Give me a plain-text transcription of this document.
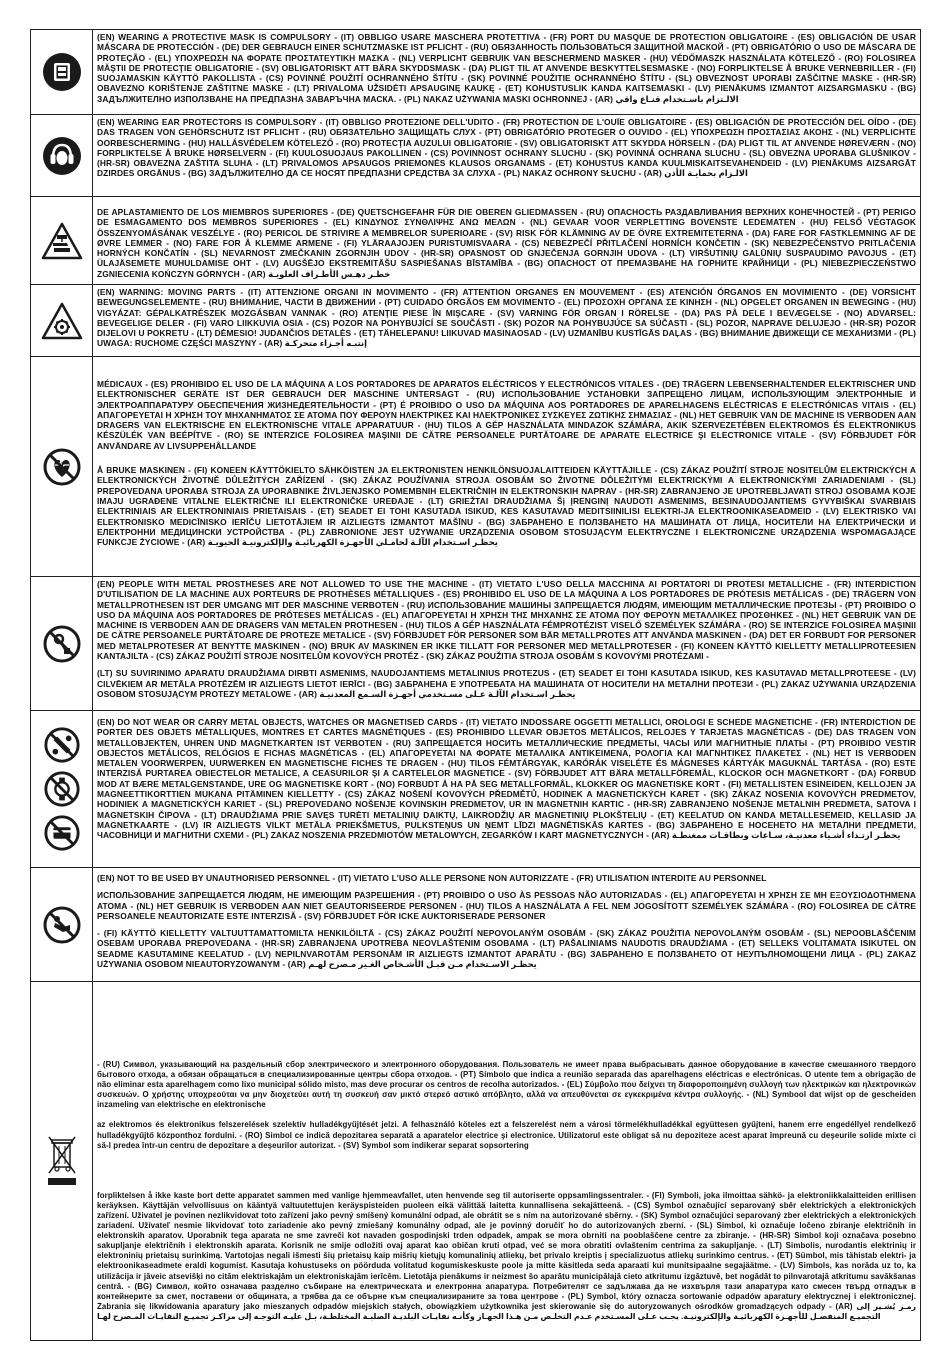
(EN) WEARING A PROTECTIVE MASK IS COMPULSORY - (IT) OBBLIGO USARE MASCHERA PROTETTIVA - (FR) PORT DU MASQUE DE PROTECTION OBLIGATOIRE - (ES) OBLIGACIÓN DE USAR MÁSCARA DE PROTECCIÓN - (DE) DER GEBRAUCH EINER SCHUTZMASKE IST PFLICHT - (RU) ОБЯЗАННОСТЬ ПОЛЬЗОВАТЬСЯ ЗАЩИТНОЙ МАСКОЙ - (PT) OBRIGATÓRIO O USO DE MÁSCARA DE PROTEÇÃO - (EL) ΥΠΟΧΡΕΩΣΗ ΝΑ ΦΟΡΑΤΕ ΠΡΟΣΤΑΤΕΥΤΙΚΗ ΜΑΣΚΑ - (NL) VERPLICHT GEBRUIK VAN BESCHERMEND MASKER - (HU) VÉDŐMASZK HASZNÁLATA KÖTELEZŐ - (RO) FOLOSIREA MĂŞTII DE PROTECŢIE OBLIGATORIE - (SV) OBLIGATORISKT ATT BÄRA SKYDDSMASK - (DA) PLIGT TIL AT ANVENDE BESKYTTELSESMASKE - (NO) FORPLIKTELSE Å BRUKE VERNEBRILLER - (FI) SUOJAMASKIN KÄYTTÖ PAKOLLISTA - (CS) POVINNÉ POUŽITÍ OCHRANNÉHO ŠTÍTU - (SK) POVINNÉ POUŽITIE OCHRANNÉHO ŠTÍTU - (SL) OBVEZNOST UPORABI ZAŠČITNE MASKE - (HR-SR) OBAVEZNO KORIŠTENJE ZAŠTITNE MASKE - (LT) PRIVALOMA UŽSIDĖTI APSAUGINĘ KAUKĘ - (ET) KOHUSTUSLIK KANDA KAITSEMASKI - (LV) PIENĀKUMS IZMANTOT AIZSARGMASKU - (BG) ЗАДЪЛЖИТЕЛНО ИЗПОЛЗВАНЕ НА ПРЕДПАЗНА ЗАВАРЪЧНА МАСКА. - (PL) NAKAZ UŻYWANIA MASKI OCHRONNEJ - (AR) الالـتزام باسـتخدام قنـاع واقي

(EN) WEARING EAR PROTECTORS IS COMPULSORY - (IT) OBBLIGO PROTEZIONE DELL'UDITO - (FR) PROTECTION DE L'OUÏE OBLIGATOIRE - (ES) OBLIGACIÓN DE PROTECCIÓN DEL OÍDO - (DE) DAS TRAGEN VON GEHÖRSCHUTZ IST PFLICHT - (RU) ОБЯЗАТЕЛЬНО ЗАЩИЩАТЬ СЛУХ - (PT) OBRIGATÓRIO PROTEGER O OUVIDO - (EL) ΥΠΟΧΡΕΩΣΗ ΠΡΟΣΤΑΣΙΑΣ ΑΚΟΗΣ - (NL) VERPLICHTE OORBESCHERMING - (HU) HALLÁSVÉDELEM KÖTELEZŐ - (RO) PROTECŢIA AUZULUI OBLIGATORIE - (SV) OBLIGATORISKT ATT SKYDDA HÖRSELN - (DA) PLIGT TIL AT ANVENDE HØREVÆRN - (NO) FORPLIKTELSE Å BRUKE HØRSELVERN - (FI) KUULOSUOJAUS PAKOLLINEN - (CS) POVINNOST OCHRANY SLUCHU - (SK) POVINNÁ OCHRANA SLUCHU - (SL) OBVEZNA UPORABA GLUŠNIKOV - (HR-SR) OBAVEZNA ZAŠTITA SLUHA - (LT) PRIVALOMOS APSAUGOS PRIEMONĖS KLAUSOS ORGANAMS - (ET) KOHUSTUS KANDA KUULMISKAITSEVAHENDEID - (LV) PIENĀKUMS AIZSARGĀT DZIRDES ORGĀNUS - (BG) ЗАДЪЛЖИТЕЛНО ДА СЕ НОСЯТ ПРЕДПАЗНИ СРЕДСТВА ЗА СЛУХА - (PL) NAKAZ OCHRONY SŁUCHU - (AR) الالـزام بحمايـة الأذن

DE APLASTAMIENTO DE LOS MIEMBROS SUPERIORES - (DE) QUETSCHGEFAHR FÜR DIE OBEREN GLIEDMASSEN - (RU) ОПАСНОСТЬ РАЗДАВЛИВАНИЯ ВЕРХНИХ КОНЕЧНОСТЕЙ - (PT) PERIGO DE ESMAGAMENTO DOS MEMBROS SUPERIORES - (EL) ΚΙΝΔΥΝΟΣ ΣΥΝΘΛΙΨΗΣ ΑΝΩ ΜΕΛΩΝ - (NL) GEVAAR VOOR VERPLETTING BOVENSTE LEDEMATEN - (HU) FELSŐ VÉGTAGOK ÖSSZENYOMÁSÁNAK VESZÉLYE - (RO) PERICOL DE STRIVIRE A MEMBRELOR SUPERIOARE - (SV) RISK FÖR KLÄMNING AV DE ÖVRE EXTREMITETERNA - (DA) FARE FOR FASTKLEMNING AF DE ØVRE LEMMER - (NO) FARE FOR Å KLEMME ARMENE - (FI) YLÄRAAJOJEN PURISTUMISVAARA - (CS) NEBEZPEČÍ PŘITLAČENÍ HORNÍCH KONČETIN - (SK) NEBEZPEČENSTVO PRITLAČENIA HORNÝCH KONČATÍN - (SL) NEVARNOST ZMEČKANIN ZGORNJIH UDOV - (HR-SR) OPASNOST OD GNJEČENJA GORNJIH UDOVA - (LT) VIRŠUTINIŲ GALŪNIŲ SUSPAUDIMO PAVOJUS - (ET) ÜLAJÄSEMETE MUHULDAMISE OHT - (LV) AUGŠĒJO EKSTREMITĀŠU SASPIEŠANAS BĪSTAMĪBA - (BG) ОПАСНОСТ ОТ ПРЕМАЗВАНЕ НА ГОРНИТЕ КРАЙНИЦИ - (PL) NIEBEZPIECZEŃSTWO ZGNIECENIA KOŃCZYN GÓRNYCH - (AR) خطـر دهـس الأطـراف العلويـة

(EN) WARNING: MOVING PARTS - (IT) ATTENZIONE ORGANI IN MOVIMENTO - (FR) ATTENTION ORGANES EN MOUVEMENT - (ES) ATENCIÓN ÓRGANOS EN MOVIMIENTO - (DE) VORSICHT BEWEGUNGSELEMENTE - (RU) ВНИМАНИЕ, ЧАСТИ В ДВИЖЕНИИ - (PT) CUIDADO ÓRGÃOS EM MOVIMENTO - (EL) ΠΡΟΣΟΧΗ ΟΡΓΑΝΑ ΣΕ ΚΙΝΗΣΗ - (NL) OPGELET ORGANEN IN BEWEGING - (HU) VIGYÁZAT: GÉPALKATRÉSZEK MOZGÁSBAN VANNAK - (RO) ATENŢIE PIESE ÎN MIŞCARE - (SV) VARNING FÖR ORGAN I RÖRELSE - (DA) PAS PÅ DELE I BEVÆGELSE - (NO) ADVARSEL: BEVEGELIGE DELER - (FI) VARO LIIKKUVIA OSIA - (CS) POZOR NA POHYBUJÍCÍ SE SOUČÁSTI - (SK) POZOR NA POHYBUJÚCE SA SÚČASTI - (SL) POZOR, NAPRAVE DELUJEJO - (HR-SR) POZOR DIJELOVI U POKRETU - (LT) DĖMESIO! JUDANČIOS DETALĖS - (ET) TÄHELEPANU! LIIKUVAD MASINAOSAD - (LV) UZMANĪBU KUSTĪGĀS DAĻAS - (BG) ВНИМАНИЕ ДВИЖЕЩИ СЕ МЕХАНИЗМИ - (PL) UWAGA: RUCHOME CZĘŚCI MASZYNY - (AR) إنتبـه أجـزاء متحركـة

MÉDICAUX - (ES) PROHIBIDO EL USO DE LA MÁQUINA A LOS PORTADORES DE APARATOS ELÉCTRICOS Y ELECTRÓNICOS VITALES - (DE) TRÄGERN LEBENSERHALTENDER ELEKTRISCHER UND ELEKTRONISCHER GERÄTE IST DER GEBRAUCH DER MASCHINE UNTERSAGT - (RU) ИСПОЛЬЗОВАНИЕ УСТАНОВКИ ЗАПРЕЩЕНО ЛИЦАМ, ИСПОЛЬЗУЮЩИМ ЭЛЕКТРОННЫЕ И ЭЛЕКТРОАППАРАТУРУ ОБЕСПЕЧЕНИЯ ЖИЗНЕДЕЯТЕЛЬНОСТИ - (PT) É PROIBIDO O USO DA MÁQUINA AOS PORTADORES DE APARELHAGENS ELÉCTRICAS E ELECTRÓNICAS VITAIS - (EL) ΑΠΑΓΟΡΕΥΕΤΑΙ Η ΧΡΗΣΗ ΤΟΥ ΜΗΧΑΝΗΜΑΤΟΣ ΣΕ ΑΤΟΜΑ ΠΟΥ ΦΕΡΟΥΝ ΗΛΕΚΤΡΙΚΕΣ ΚΑΙ ΗΛΕΚΤΡΟΝΙΚΕΣ ΣΥΣΚΕΥΕΣ ΖΩΤΙΚΗΣ ΣΗΜΑΣΙΑΣ - (NL) HET GEBRUIK VAN DE MACHINE IS VERBODEN AAN DRAGERS VAN ELEKTRISCHE EN ELEKTRONISCHE VITALE APPARATUUR - (HU) TILOS A GÉP HASZNÁLATA MINDAZOK SZÁMÁRA, AKIK SZERVEZETÉBEN ELEKTROMOS ÉS ELEKTRONIKUS KÉSZÜLÉK VAN BEÉPÍTVE - (RO) SE INTERZICE FOLOSIREA MAŞINII DE CĂTRE PERSOANELE PURTĂTOARE DE APARATE ELECTRICE ŞI ELECTRONICE VITALE - (SV) FÖRBJUDET FÖR ANVÄNDARE AV LIVSUPPEHÅLLANDE

Å BRUKE MASKINEN - (FI) KONEEN KÄYTTÖKIELTO SÄHKÖISTEN JA ELEKTRONISTEN HENKILÖNSUOJALAITTEIDEN KÄYTTÄJILLE - (CS) ZÁKAZ POUŽITÍ STROJE NOSITELŮM ELEKTRICKÝCH A ELEKTRONICKÝCH ŽIVOTNĚ DŮLEŽITÝCH ZAŘÍZENÍ - (SK) ZÁKAZ POUŽÍVANIA STROJA OSOBÁM SO ŽIVOTNE DÔLEŽITÝMI ELEKTRICKÝMI A ELEKTRONICKÝMI ZARIADENIAMI - (SL) PREPOVEDANA UPORABA STROJA ZA UPORABNIKE ŽIVLJENJSKO POMEMBNIH ELEKTRIČNIH IN ELEKTRONSKIH NAPRAV - (HR-SR) ZABRANJENO JE UPOTREBLJAVATI STROJ OSOBAMA KOJE IMAJU UGRAĐENE VITALNE ELEKTRIČNE ILI ELEKTRONIČKE UREĐAJE - (LT) GRIEŽTAI DRAUDŽIAMA Šį ĮRENGINĮ NAUDOTI ASMENIMS, BESINAUDOJANTIEMS GYVYBIŠKAI SVARBIAIS ELEKTRINIAIS AR ELEKTRONINIAIS PRIETAISAIS - (ET) SEADET EI TOHI KASUTADA ISIKUD, KES KASUTAVAD MEDITSIINILISI ELEKTRI-JA ELEKTROONIKASEADMEID - (LV) ELEKTRISKO VAI ELEKTRONISKO MEDICĪNISKO IERĪČU LIETOTĀJIEM IR AIZLIEGTS IZMANTOT MAŠĪNU - (BG) ЗАБРАНЕНО Е ПОЛЗВАНЕТО НА МАШИНАТА ОТ ЛИЦА, НОСИТЕЛИ НА ЕЛЕКТРИЧЕСКИ И ЕЛЕКТРОННИ МЕДИЦИНСКИ УСТРОЙСТВА - (PL) ZABRONIONE JEST UŻYWANIE URZĄDZENIA OSOBOM STOSUJĄCYM ELEKTRYCZNE I ELEKTRONICZNE URZĄDZENIA WSPOMAGAJĄCE FUNKCJE ŻYCIOWE - (AR) يحظـر اسـتخدام الآلـة لحامـلي الأجهـزة الكهربائيـة والإلكترونيـة الحيويـة

(EN) PEOPLE WITH METAL PROSTHESES ARE NOT ALLOWED TO USE THE MACHINE - (IT) VIETATO L'USO DELLA MACCHINA AI PORTATORI DI PROTESI METALLICHE - (FR) INTERDICTION D'UTILISATION DE LA MACHINE AUX PORTEURS DE PROTHÈSES MÉTALLIQUES - (ES) PROHIBIDO EL USO DE LA MÁQUINA A LOS PORTADORES DE PRÓTESIS METÁLICAS - (DE) TRÄGERN VON METALLPROTHESEN IST DER UMGANG MIT DER MASCHINE VERBOTEN - (RU) ИСПОЛЬЗОВАНИЕ МАШИНЫ ЗАПРЕЩАЕТСЯ ЛЮДЯМ, ИМЕЮЩИМ МЕТАЛЛИЧЕСКИЕ ПРОТЕЗЫ - (PT) PROIBIDO O USO DA MÁQUINA AOS PORTADORES DE PRÓTESES METÁLICAS - (EL) ΑΠΑΓΟΡΕΥΕΤΑΙ Η ΧΡΗΣΗ ΤΗΣ ΜΗΧΑΝΗΣ ΣΕ ΑΤΟΜΑ ΠΟΥ ΦΕΡΟΥΝ ΜΕΤΑΛΛΙΚΕΣ ΠΡΟΣΘΗΚΕΣ - (NL) HET GEBRUIK VAN DE MACHINE IS VERBODEN AAN DE DRAGERS VAN METALEN PROTHESEN - (HU) TILOS A GÉP HASZNÁLATA FÉMPROTÉZIST VISELŐ SZEMÉLYEK SZÁMÁRA - (RO) SE INTERZICE FOLOSIREA MAŞINII DE CĂTRE PERSOANELE PURTĂTOARE DE PROTEZE METALICE - (SV) FÖRBJUDET FÖR PERSONER SOM BÄR METALLPROTES ATT ANVÄNDA MASKINEN - (DA) DET ER FORBUDT FOR PERSONER MED METALPROTESER AT BENYTTE MASKINEN - (NO) BRUK AV MASKINEN ER IKKE TILLATT FOR PERSONER MED METALLPROTESER - (FI) KONEEN KÄYTTÖ KIELLETTY METALLIPROTEESIEN KANTAJILTA - (CS) ZÁKAZ POUŽITÍ STROJE NOSITELŮM KOVOVÝCH PROTÉZ - (SK) ZÁKAZ POUŽITIA STROJA OSOBÁM S KOVOVÝMI PROTÉZAMI -

(LT) SU SUVIRINIMO APARATU DRAUDŽIAMA DIRBTI ASMENIMS, NAUDOJANTIEMS METALINIUS PROTEZUS - (ET) SEADET EI TOHI KASUTADA ISIKUD, KES KASUTAVAD METALLPROTEESE - (LV) CILVĒKIEM AR METĀLA PROTĒZĒM IR AIZLIEGTS LIETOT IERĪCI - (BG) ЗАБРАНЕНА Е УПОТРЕБАТА НА МАШИНАТА ОТ НОСИТЕЛИ НА МЕТАЛНИ ПРОТЕЗИ - (PL) ZAKAZ UŻYWANIA URZĄDZENIA OSOBOM STOSUJĄCYM PROTEZY METALOWE - (AR) يحظـر اسـتخدام الآلـة عـلى مسـتخدمي أجهـزة السـمع المعدنيـة

(EN) DO NOT WEAR OR CARRY METAL OBJECTS, WATCHES OR MAGNETISED CARDS - (IT) VIETATO INDOSSARE OGGETTI METALLICI, OROLOGI E SCHEDE MAGNETICHE - (FR) INTERDICTION DE PORTER DES OBJETS MÉTALLIQUES, MONTRES ET CARTES MAGNÉTIQUES - (ES) PROHIBIDO LLEVAR OBJETOS METÁLICOS, RELOJES Y TARJETAS MAGNÉTICAS - (DE) DAS TRAGEN VON METALLOBJEKTEN, UHREN UND MAGNETKARTEN IST VERBOTEN - (RU) ЗАПРЕЩАЕТСЯ НОСИТЬ МЕТАЛЛИЧЕСКИЕ ПРЕДМЕТЫ, ЧАСЫ ИЛИ МАГНИТНЫЕ ПЛАТЫ - (PT) PROIBIDO VESTIR OBJECTOS METÁLICOS, RELÓGIOS E FICHAS MAGNÉTICAS - (EL) ΑΠΑΓΟΡΕΥΕΤΑΙ ΝΑ ΦΟΡΑΤΕ ΜΕΤΑΛΛΙΚΑ ΑΝΤΙΚΕΙΜΕΝΑ, ΡΟΛΟΓΙΑ ΚΑΙ ΜΑΓΝΗΤΙΚΕΣ ΠΛΑΚΕΤΕΣ - (NL) HET IS VERBODEN METALEN VOORWERPEN, UURWERKEN EN MAGNETISCHE FICHES TE DRAGEN - (HU) TILOS FÉMTÁRGYAK, KARÓRÁK VISELÉTE ÉS MÁGNESES KÁRTYÁK MAGUKNÁL TARTÁSA - (RO) ESTE INTERZISĂ PURTAREA OBIECTELOR METALICE, A CEASURILOR ŞI A CARTELELOR MAGNETICE - (SV) FÖRBJUDET ATT BÄRA METALLFÖREMÅL, KLOCKOR OCH MAGNETKORT - (DA) FORBUD MOD AT BÆRE METALGENSTANDE, URE OG MAGNETISKE KORT - (NO) FORBUDT Å HA PÅ SEG METALLFORMÅL, KLOKKER OG MAGNETISKE KORT - (FI) METALLISTEN ESINEIDEN, KELLOJEN JA MAGNEETTIKORTTIEN MUKANA PITÄMINEN KIELLETTY - (CS) ZÁKAZ NOŠENÍ KOVOVÝCH PŘEDMĚTŮ, HODINEK A MAGNETICKÝCH KARET - (SK) ZÁKAZ NOSENIA KOVOVÝCH PREDMETOV, HODINIEK A MAGNETICKÝCH KARIET - (SL) PREPOVEDANO NOŠENJE KOVINSKIH PREDMETOV, UR IN MAGNETNIH KARTIC - (HR-SR) ZABRANJENO NOŠENJE METALNIH PREDMETA, SATOVA I MAGNETSKIH ČIPOVA - (LT) DRAUDŽIAMA PRIE SAVĘS TURĖTI METALINIŲ DAIKTŲ, LAIKRODŽIŲ AR MAGNETINIŲ PLOKŠTELIŲ - (ET) KEELATUD ON KANDA METALLESEMEID, KELLASID JA MAGNETKAARTE - (LV) IR AIZLIEGTS VILKT METĀLA PRIEKŠMETUS, PULKSTEŅUS UN ŅEMT LĪDZI MAGNĒTISKĀS KARTES - (BG) ЗАБРАНЕНО Е НОСЕНЕТО НА МЕТАЛНИ ПРЕДМЕТИ, ЧАСОВНИЦИ И МАГНИТНИ СХЕМИ - (PL) ZAKAZ NOSZENIA PRZEDMIOTÓW METALOWYCH, ZEGARKÓW I KART MAGNETYCZNYCH - (AR) يحظـر ارتـداء أشـياء معدنيـة، سـاعات وبطاقـات ممغنطـة

(EN) NOT TO BE USED BY UNAUTHORISED PERSONNEL - (IT) VIETATO L'USO ALLE PERSONE NON AUTORIZZATE - (FR) UTILISATION INTERDITE AU PERSONNEL

ИСПОЛЬЗОВАНИЕ ЗАПРЕЩАЕТСЯ ЛЮДЯМ, НЕ ИМЕЮЩИМ РАЗРЕШЕНИЯ - (PT) PROIBIDO O USO ÀS PESSOAS NÃO AUTORIZADAS - (EL) ΑΠΑΓΟΡΕΥΕΤΑΙ Η ΧΡΗΣΗ ΣΕ ΜΗ ΕΞΟΥΣΙΟΔΟΤΗΜΕΝΑ ΑΤΟΜΑ - (NL) HET GEBRUIK IS VERBODEN AAN NIET GEAUTORISEERDE PERSONEN - (HU) TILOS A HASZNÁLATA A FEL NEM JOGOSÍTOTT SZEMÉLYEK SZÁMÁRA - (RO) FOLOSIREA DE CĂTRE PERSOANELE NEAUTORIZATE ESTE INTERZISĂ - (SV) FÖRBJUDET FÖR ICKE AUKTORISERADE PERSONER

- (FI) KÄYTTÖ KIELLETTY VALTUUTTAMATTOMILTA HENKILÖILTÄ - (CS) ZÁKAZ POUŽITÍ NEPOVOLANÝM OSOBÁM - (SK) ZÁKAZ POUŽITIA NEPOVOLANÝM OSOBÁM - (SL) NEPOOBLAŠČENIM OSEBAM UPORABA PREPOVEDANA - (HR-SR) ZABRANJENA UPOTREBA NEOVLAŠTENIM OSOBAMA - (LT) PAŠALINIAMS NAUDOTIS DRAUDŽIAMA - (ET) SELLEKS VOLITAMATA ISIKUTEL ON SEADME KASUTAMINE KEELATUD - (LV) NEPILNVAROTĀM PERSONĀM IR AIZLIEGTS IZMANTOT APARĀTU - (BG) ЗАБРАНЕНО Е ПОЛЗВАНЕТО ОТ НЕУПЪЛНОМОЩЕНИ ЛИЦА - (PL) ZAKAZ UŻYWANIA OSOBOM NIEAUTORYZOWANYM - (AR) يحظـر الاسـتخدام مـن قبـل الأشـخاص الغـير مـصرح لهـم

- (RU) Символ, указывающий на раздельный сбор электрического и электронного оборудования. Пользователь не имеет права выбрасывать данное оборудование в качестве смешанного твердого бытового отхода, а обязан обращаться в специализированные центры сбора отходов. - (PT) Símbolo que indica a reunião separada das aparelhagens eléctricas e electrónicas. O utente tem a obrigação de não eliminar esta aparelhagem como lixo municipal sólido misto, mas deve procurar os centros de recolha autorizados. - (EL) Σύμβολο που δείχνει τη διαφοροποιημένη συλλογή των ηλεκτρικών και ηλεκτρονικών συσκευών. Ο χρήστης υποχρεούται να μην διοχετεύει αυτή τη συσκευή σαν μικτό στερεό αστικό απόβλητο, αλλά να απευθύνεται σε εγκεκριμένα κέντρα συλλογής. - (NL) Symbool dat wijst op de gescheiden inzameling van elektrische en elektronische

az elektromos és elektronikus felszerelések szelektív hulladékgyűjtését jelzi. A felhasználó köteles ezt a felszerelést nem a városi törmelékhulladékkal együttesen gyűjteni, hanem erre engedéllyel rendelkező hulladékgyűjtő központhoz fordulni. - (RO) Simbol ce indică depozitarea separată a aparatelor electrice şi electronice. Utilizatorul este obligat să nu depoziteze acest aparat împreună cu deşeurile solide mixte ci să-l predea într-un centru de depozitare a deşeurilor autorizat. - (SV) Symbol som indikerar separat sopsortering

forpliktelsen å ikke kaste bort dette apparatet sammen med vanlige hjemmeavfallet, uten henvende seg til autoriserte oppsamlingssentraler. - (FI) Symboli, joka ilmoittaa sähkö- ja elektroniikkalaitteiden erillisen keräyksen. Käyttäjän velvollisuus on kääntyä valtuutettujen keräyspisteiden puoleen eikä välittää laitetta kunnallisena sekajätteenä. - (CS) Symbol označující separovaný sběr elektrických a elektronických zařízení. Uživatel je povinen nezlikvidovat toto zařízení jako pevný smíšený komunální odpad, ale obrátit se s ním na autorizované sběrny. - (SK) Symbol označujúci separovaný zber elektrických a elektronických zariadení. Užívateľ nesmie likvidovať toto zariadenie ako pevný zmiešaný komunálny odpad, ale je povinný doručiť ho do autorizovaných zberní. - (SL) Simbol, ki označuje ločeno zbiranje električnih in elektronskih aparatov. Uporabnik tega aparata ne sme zavreči kot navaden gospodinjski trden odpadek, ampak se mora obrniti na pooblaščene centre za zbiranje. - (HR-SR) Simbol koji označava posebno sakupljanje električnih i elektronskih aparata. Korisnik ne smije odložiti ovaj aparat kao običan kruti otpad, već se mora obratiti ovlaštenim centrima za sakupljanje. - (LT) Simbolis, nurodantis elektrinių ir elektroninių prietaisų surinkimą. Vartotojas negali išmesti šių prietaisų kaip mišrių kietųjų komunalinių atliekų, bet privalo kreiptis į specializuotus atliekų surinkimo centrus. - (ET) Sümbol, mis tähistab elektri- ja elektroonikaseadmete eraldi kogumist. Kasutaja kohustuseks on pöörduda volitatud kogumiskeskuste poole ja mitte käsitleda seda aparaati kui munitsipaalne segajäätme. - (LV) Simbols, kas norāda uz to, ka utilizācija ir jāveic atsevišķi no citām elektriskajām un elektroniskajām ierīcēm. Lietotāja pienākums ir neizmest šo aparātu municipālajā cieto atkritumu izgāztuvē, bet nogādāt to pilnvarotajā atkritumu savākšanas centrā. - (BG) Символ, който означава разделно събиране на електрическата и електронна апаратура. Потребителят се задължава да не изхвърля тази апаратура като смесен твърд отпадък в контейнерите за смет, поставени от общината, а трябва да се обърне към специализираните за това центрове - (PL) Symbol, który oznacza sortowanie odpadów aparatury elektrycznej i elektronicznej. Zabrania się likwidowania aparatury jako mieszanych odpadów miejskich stałych, obowiązkiem użytkownika jest skierowanie się do autoryzowanych ośrodków gromadzących odpady - (AR) رمـز يُشـير إلى التجميـع المنفصـل للأجهـزة الكهربائيـة والإلكترونيـة. يجـب عـلى المسـتخدم عـدم التخلـص مـن هـذا الجهـاز وكأنـه نفايـات البلديـة الصلبـة المختلطـة، بـل عليـه التوجـه إلى مراكـز تجميـع النفايـات المـصرح لهـا
